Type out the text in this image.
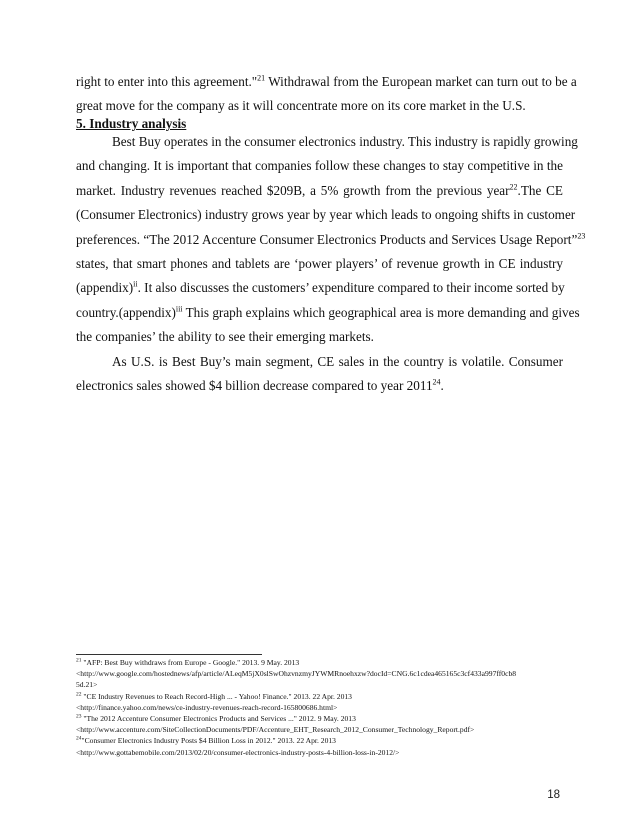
right to enter into this agreement."$^{21}$ Withdrawal from the European market can turn out to be a
great move for the company as it will concentrate more on its core market in the U.S.
5. Industry analysis
Best Buy operates in the consumer electronics industry. This industry is rapidly growing
and changing. It is important that companies follow these changes to stay competitive in the
market. Industry revenues reached $209B, a 5% growth from the previous year$^{22}$.The CE
(Consumer Electronics) industry grows year by year which leads to ongoing shifts in customer
preferences. “The 2012 Accenture Consumer Electronics Products and Services Usage Report”$^{23}$
states, that smart phones and tablets are ‘power players’ of revenue growth in CE industry
(appendix)$^{ii}$. It also discusses the customers’ expenditure compared to their income sorted by
country.(appendix)$^{iii}$ This graph explains which geographical area is more demanding and gives
the companies’ the ability to see their emerging markets.
As U.S. is Best Buy’s main segment, CE sales in the country is volatile. Consumer
electronics sales showed $4 billion decrease compared to year 2011$^{24}$.
$^{21}$ "AFP: Best Buy withdraws from Europe - Google." 2013. 9 May. 2013
<http://www.google.com/hostednews/afp/article/ALeqM5jX0slSwOhzvnzmyJYWMRnoehxzw?docId=CNG.6c1cdea465165c3cf433a997ff0cb8
5d.21>
$^{22}$ "CE Industry Revenues to Reach Record-High ... - Yahoo! Finance." 2013. 22 Apr. 2013
<http://finance.yahoo.com/news/ce-industry-revenues-reach-record-165800686.html>
$^{23}$ "The 2012 Accenture Consumer Electronics Products and Services ..." 2012. 9 May. 2013
<http://www.accenture.com/SiteCollectionDocuments/PDF/Accenture_EHT_Research_2012_Consumer_Technology_Report.pdf>
$^{24}$"Consumer Electronics Industry Posts $4 Billion Loss in 2012." 2013. 22 Apr. 2013
<http://www.gottabemobile.com/2013/02/20/consumer-electronics-industry-posts-4-billion-loss-in-2012/>
18
